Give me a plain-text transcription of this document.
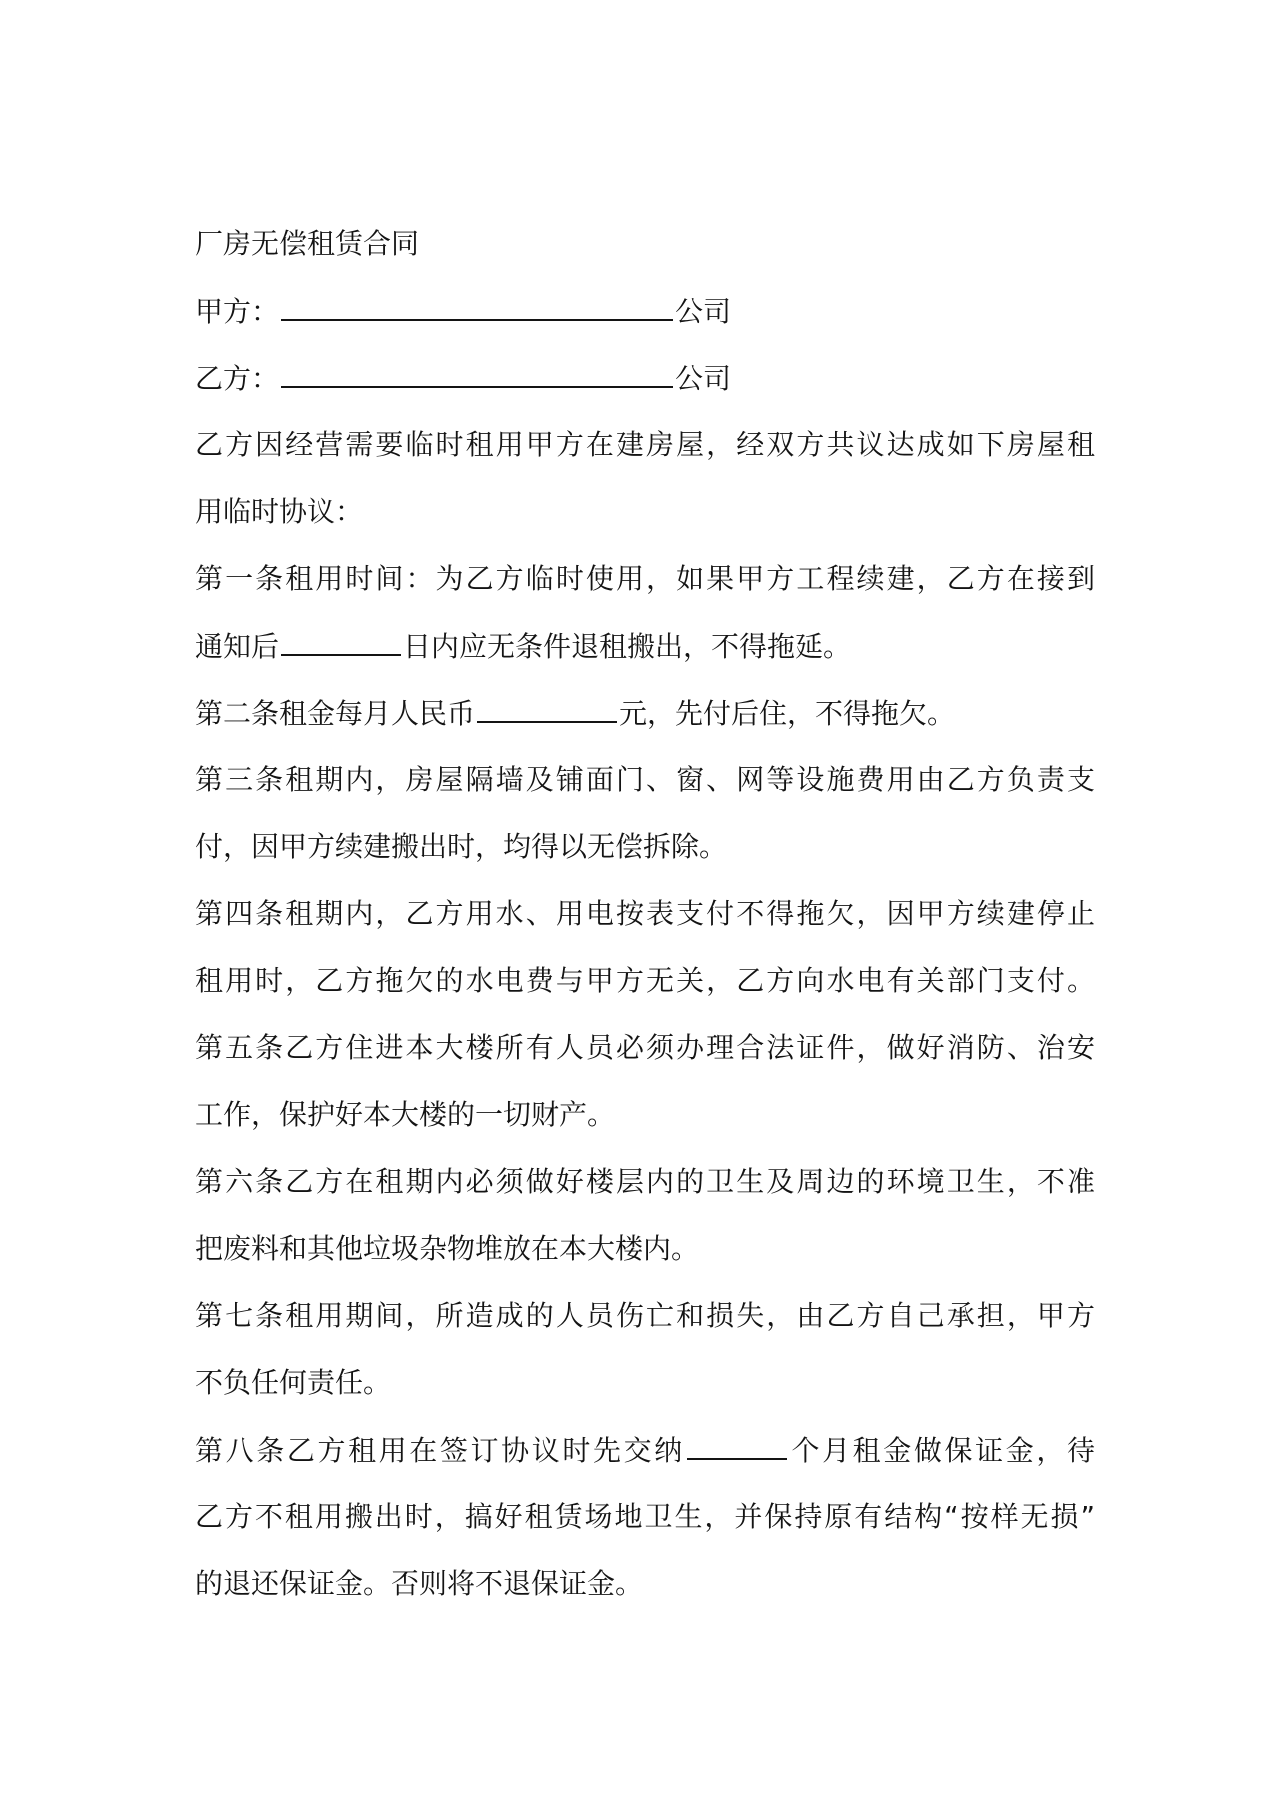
厂房无偿租赁合同
甲方：	公司
乙方：	公司
乙方因经营需要临时租用甲方在建房屋，经双方共议达成如下房屋租
用临时协议：
第一条租用时间：为乙方临时使用，如果甲方工程续建，乙方在接到
通知后	日内应无条件退租搬出，不得拖延。
第二条租金每月人民币	元，先付后住，不得拖欠。
第三条租期内，房屋隔墙及铺面门、窗、网等设施费用由乙方负责支
付，因甲方续建搬出时，均得以无偿拆除。
第四条租期内，乙方用水、用电按表支付不得拖欠，因甲方续建停止
租用时，乙方拖欠的水电费与甲方无关，乙方向水电有关部门支付。
第五条乙方住进本大楼所有人员必须办理合法证件，做好消防、治安
工作，保护好本大楼的一切财产。
第六条乙方在租期内必须做好楼层内的卫生及周边的环境卫生，不准
把废料和其他垃圾杂物堆放在本大楼内。
第七条租用期间，所造成的人员伤亡和损失，由乙方自己承担，甲方
不负任何责任。
第八条乙方租用在签订协议时先交纳	个月租金做保证金，待
乙方不租用搬出时，搞好租赁场地卫生，并保持原有结构“按样无损”
的退还保证金。否则将不退保证金。
